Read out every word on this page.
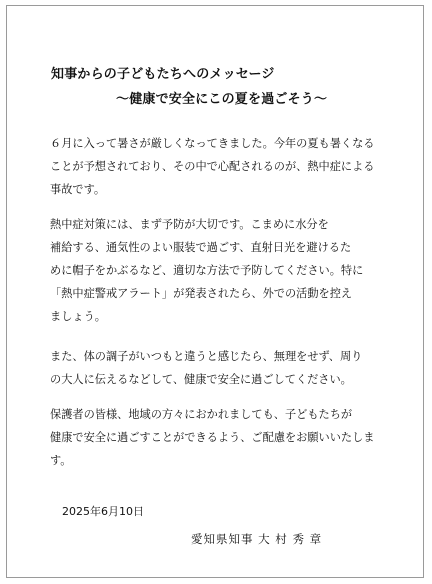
知事からの子どもたちへのメッセージ
～健康で安全にこの夏を過ごそう～
６月に入って暑さが厳しくなってきました。今年の夏も暑くなる
ことが予想されており、その中で心配されるのが、熱中症による
事故です。
熱中症対策には、まず予防が大切です。こまめに水分を
補給する、通気性のよい服装で過ごす、直射日光を避けるた
めに帽子をかぶるなど、適切な方法で予防してください。特に
「熱中症警戒アラート」が発表されたら、外での活動を控え
ましょう。
また、体の調子がいつもと違うと感じたら、無理をせず、周り
の大人に伝えるなどして、健康で安全に過ごしてください。
保護者の皆様、地域の方々におかれましても、子どもたちが
健康で安全に過ごすことができるよう、ご配慮をお願いいたしま
す。
2025年6月10日
愛知県知事 大 村 秀 章
